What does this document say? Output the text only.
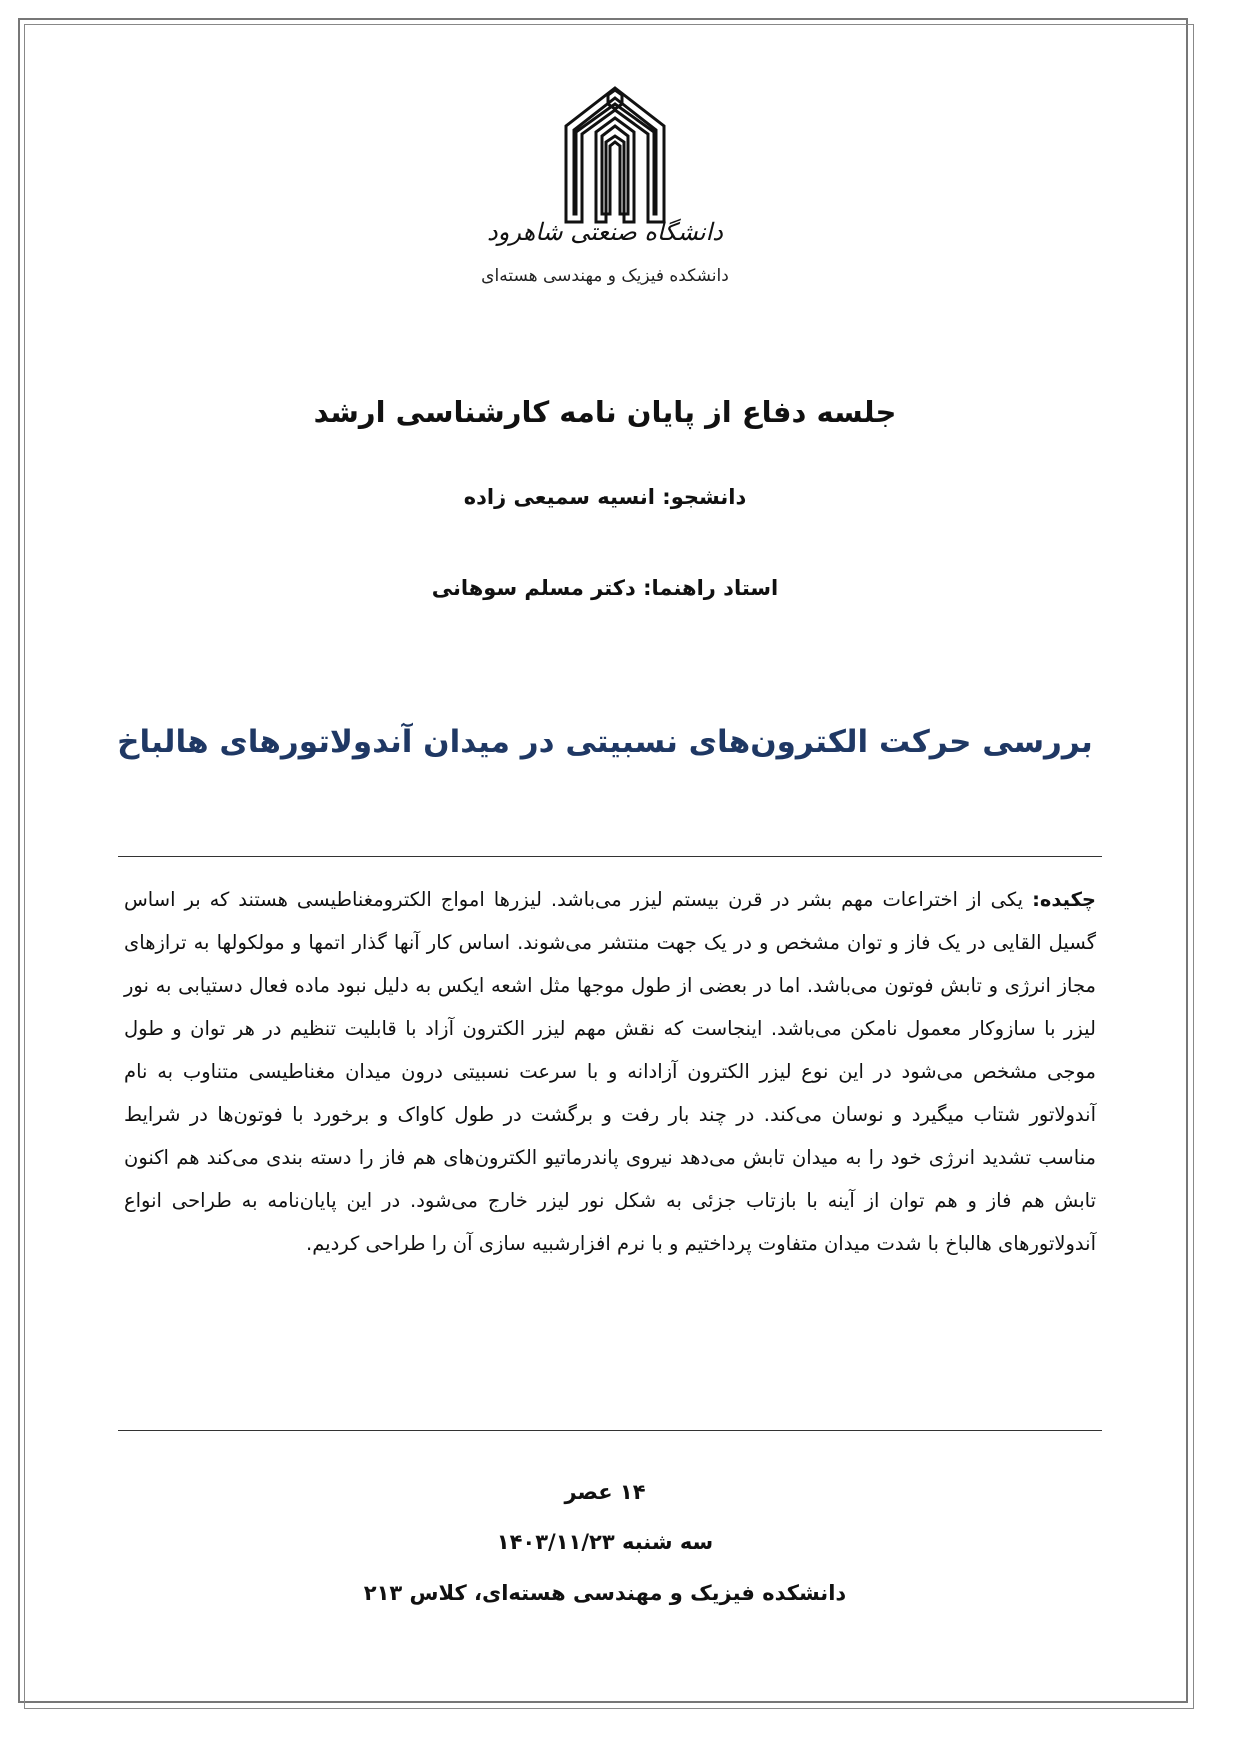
دانشگاه صنعتی شاهرود
دانشکده فیزیک و مهندسی هسته‌ای
جلسه دفاع از پایان نامه کارشناسی ارشد
دانشجو: انسیه سمیعی زاده
استاد راهنما: دکتر مسلم سوهانی
بررسی حرکت الکترون‌های نسبیتی در میدان آندولاتورهای هالباخ
چکیده: یکی از اختراعات مهم بشر در قرن بیستم لیزر می‌باشد. لیزرها امواج الکترومغناطیسی هستند که بر اساس گسیل القایی در یک فاز و توان مشخص و در یک جهت منتشر می‌شوند. اساس کار آنها گذار اتمها و مولکولها به ترازهای مجاز انرژی و تابش فوتون می‌باشد. اما در بعضی از طول موجها مثل اشعه ایکس به دلیل نبود ماده فعال دستیابی به نور لیزر با سازوکار معمول نامکن می‌باشد. اینجاست که نقش مهم لیزر الکترون آزاد با قابلیت تنظیم در هر توان و طول موجی مشخص می‌شود در این نوع لیزر الکترون آزادانه و با سرعت نسبیتی درون میدان مغناطیسی متناوب به نام آندولاتور شتاب میگیرد و نوسان می‌کند. در چند بار رفت و برگشت در طول کاواک و برخورد با فوتون‌ها در شرایط مناسب تشدید انرژی خود را به میدان تابش می‌دهد نیروی پاندرماتیو الکترون‌های هم فاز را دسته بندی می‌کند هم اکنون تابش هم فاز و هم توان از آینه با بازتاب جزئی به شکل نور لیزر خارج می‌شود. در این پایان‌نامه به طراحی انواع آندولاتورهای هالباخ با شدت میدان متفاوت پرداختیم و با نرم افزارشبیه سازی آن را طراحی کردیم.
۱۴ عصر
سه شنبه ۱۴۰۳/۱۱/۲۳
دانشکده فیزیک و مهندسی هسته‌ای، کلاس ۲۱۳
